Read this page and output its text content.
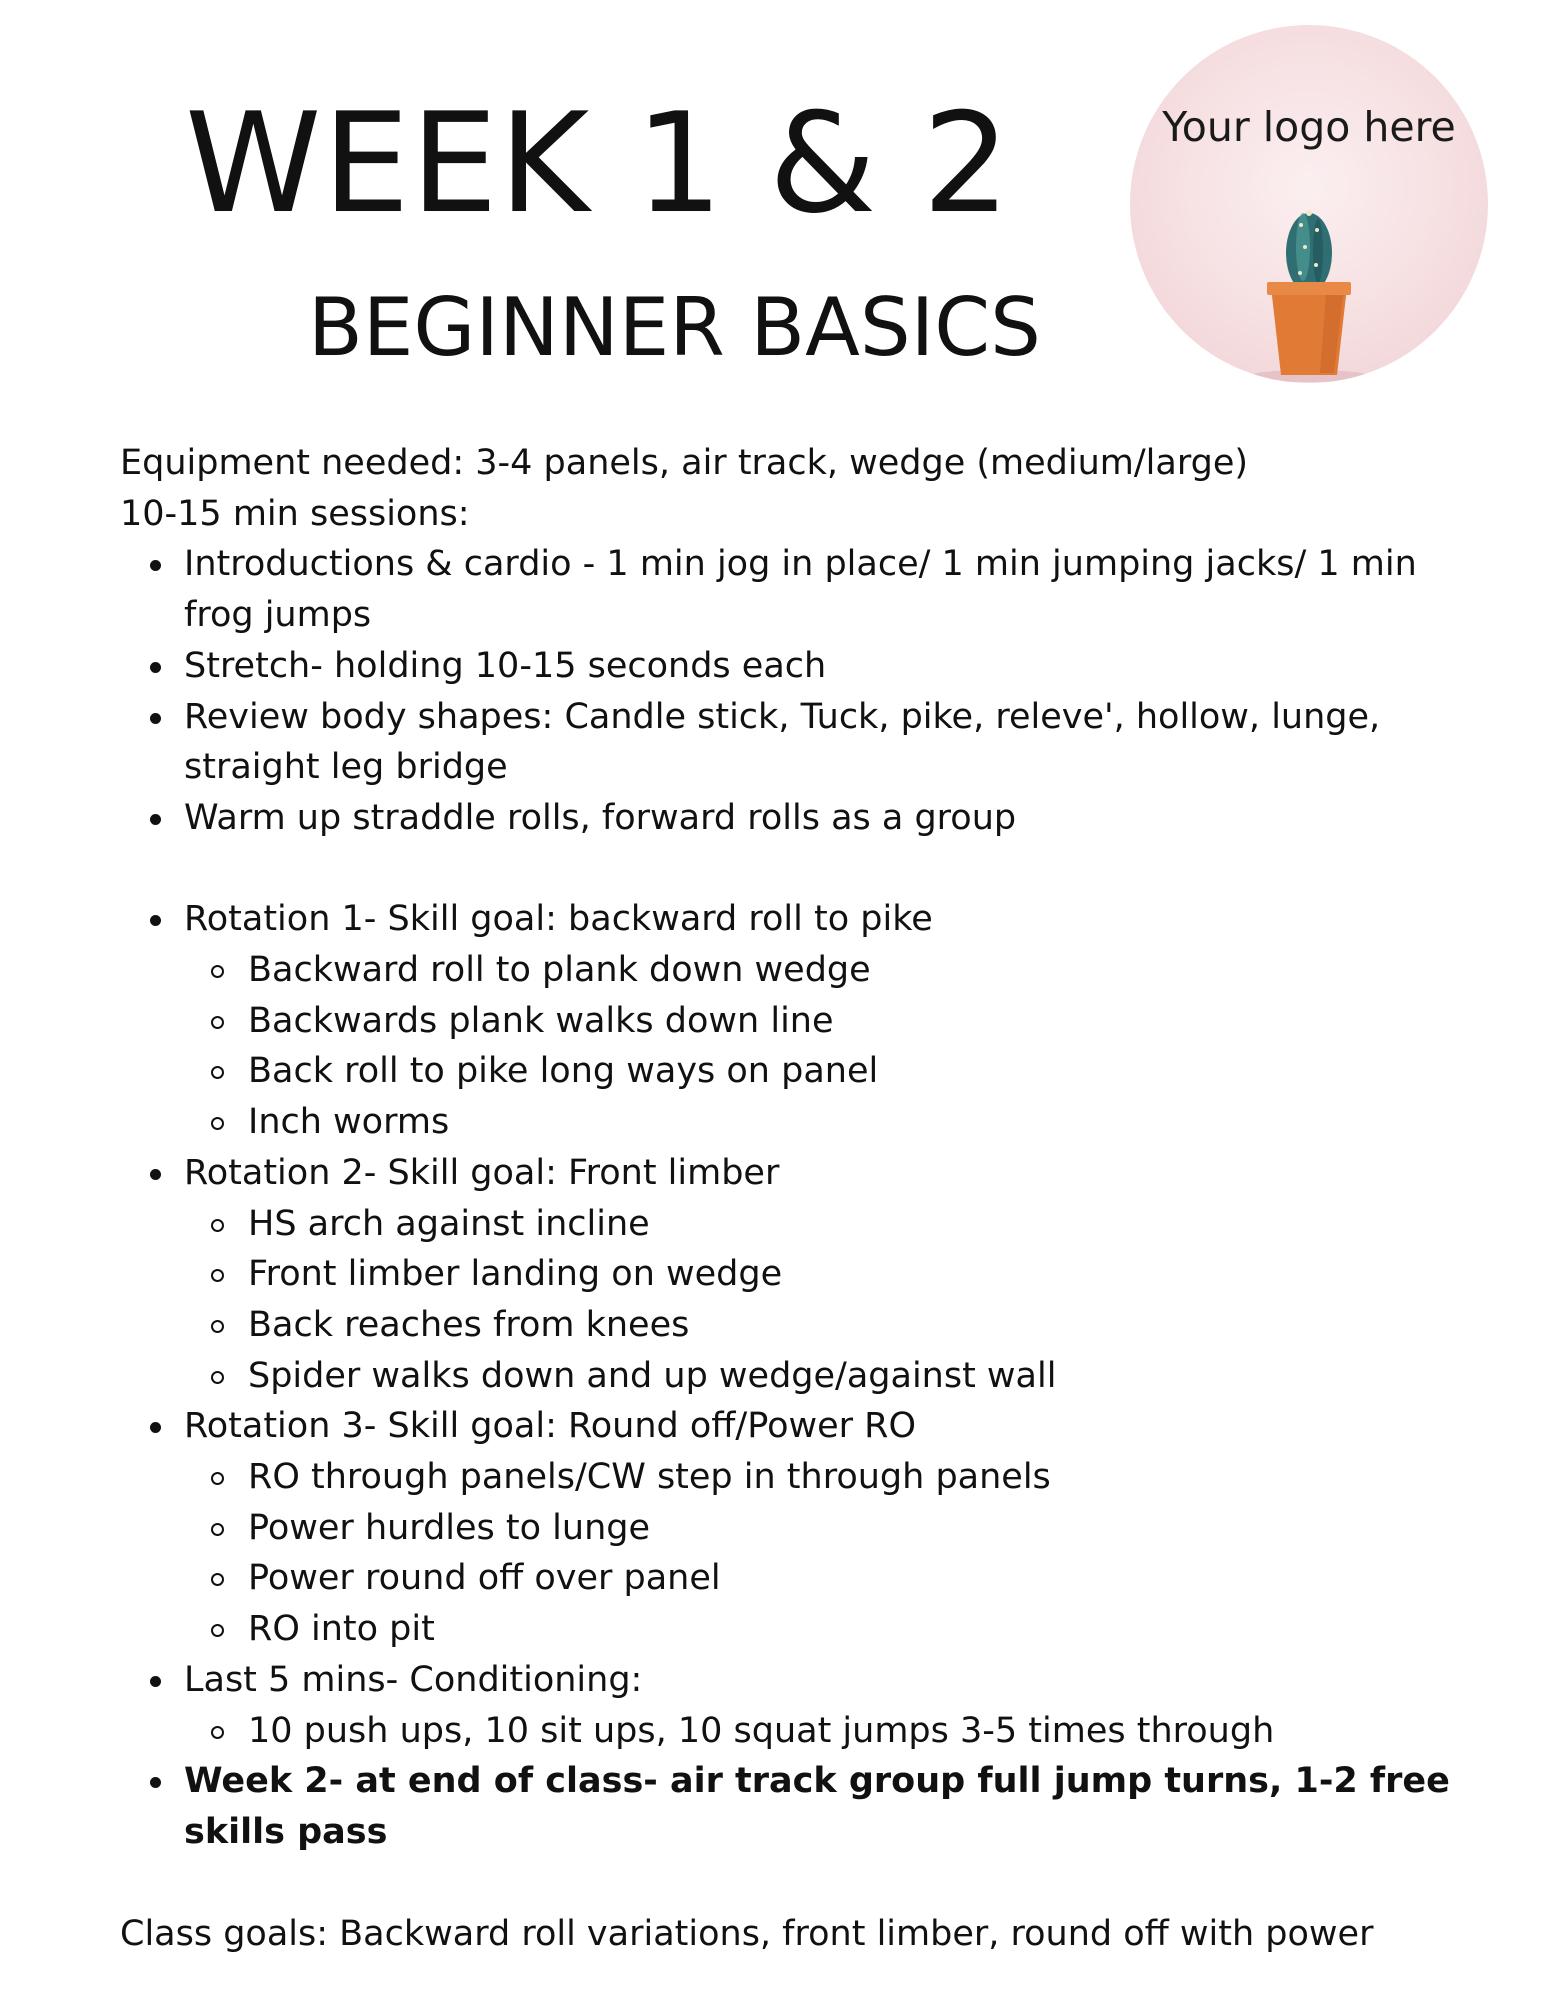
WEEK 1 & 2
BEGINNER BASICS
Your logo here

Equipment needed: 3-4 panels, air track, wedge (medium/large)

10-15 min sessions:

Introductions & cardio - 1 min jog in place/ 1 min jumping jacks/ 1 min frog jumps
Stretch- holding 10-15 seconds each
Review body shapes: Candle stick, Tuck, pike, releve', hollow, lunge, straight leg bridge
Warm up straddle rolls, forward rolls as a group
Rotation 1- Skill goal: backward roll to pike
Backward roll to plank down wedge
Backwards plank walks down line
Back roll to pike long ways on panel
Inch worms
Rotation 2- Skill goal: Front limber
HS arch against incline
Front limber landing on wedge
Back reaches from knees
Spider walks down and up wedge/against wall
Rotation 3- Skill goal: Round off/Power RO
RO through panels/CW step in through panels
Power hurdles to lunge
Power round off over panel
RO into pit
Last 5 mins- Conditioning:
10 push ups, 10 sit ups, 10 squat jumps 3-5 times through
Week 2- at end of class- air track group full jump turns, 1-2 free skills pass
Class goals: Backward roll variations, front limber, round off with power
